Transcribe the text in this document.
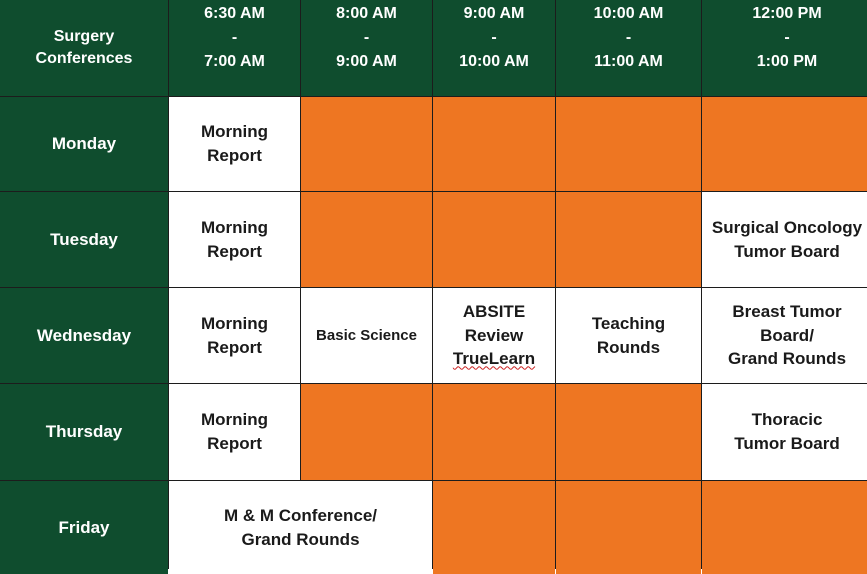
Surgery
Conferences
6:30 AM
-
7:00 AM
8:00 AM
-
9:00 AM
9:00 AM
-
10:00 AM
10:00 AM
-
11:00 AM
12:00 PM
-
1:00 PM
Monday
Morning
Report
Tuesday
Morning
Report
Surgical Oncology
Tumor Board
Wednesday
Morning
Report
Basic Science
ABSITE
Review
TrueLearn
Teaching
Rounds
Breast Tumor
Board/
Grand Rounds
Thursday
Morning
Report
Thoracic
Tumor Board
Friday
M & M Conference/
Grand Rounds
